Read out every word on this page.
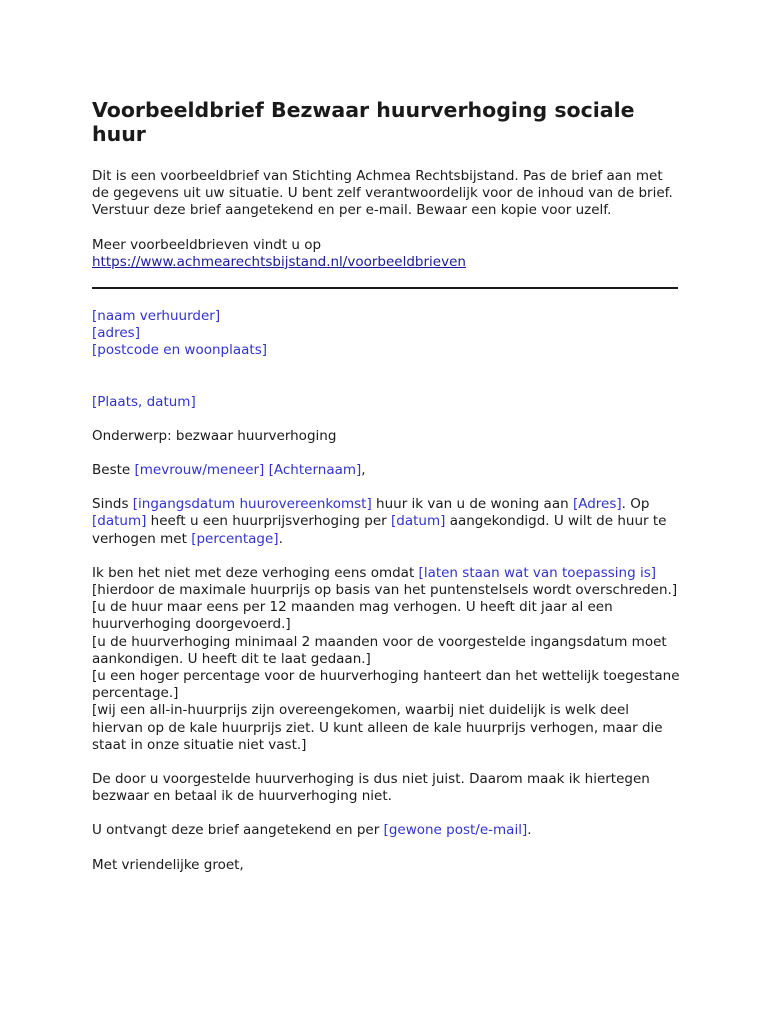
Voorbeeldbrief Bezwaar huurverhoging sociale huur

Dit is een voorbeeldbrief van Stichting Achmea Rechtsbijstand. Pas de brief aan met de gegevens uit uw situatie. U bent zelf verantwoordelijk voor de inhoud van de brief.
Verstuur deze brief aangetekend en per e-mail. Bewaar een kopie voor uzelf.

Meer voorbeeldbrieven vindt u op
https://www.achmearechtsbijstand.nl/voorbeeldbrieven

[naam verhuurder]
[adres]
[postcode en woonplaats]

[Plaats, datum]

Onderwerp: bezwaar huurverhoging

Beste [mevrouw/meneer] [Achternaam],

Sinds [ingangsdatum huurovereenkomst] huur ik van u de woning aan [Adres]. Op [datum] heeft u een huurprijsverhoging per [datum] aangekondigd. U wilt de huur te verhogen met [percentage].

Ik ben het niet met deze verhoging eens omdat [laten staan wat van toepassing is]
[hierdoor de maximale huurprijs op basis van het puntenstelsels wordt overschreden.]
[u de huur maar eens per 12 maanden mag verhogen. U heeft dit jaar al een huurverhoging doorgevoerd.]
[u de huurverhoging minimaal 2 maanden voor de voorgestelde ingangsdatum moet aankondigen. U heeft dit te laat gedaan.]
[u een hoger percentage voor de huurverhoging hanteert dan het wettelijk toegestane percentage.]
[wij een all-in-huurprijs zijn overeengekomen, waarbij niet duidelijk is welk deel hiervan op de kale huurprijs ziet. U kunt alleen de kale huurprijs verhogen, maar die staat in onze situatie niet vast.]

De door u voorgestelde huurverhoging is dus niet juist. Daarom maak ik hiertegen bezwaar en betaal ik de huurverhoging niet.

U ontvangt deze brief aangetekend en per [gewone post/e-mail].

Met vriendelijke groet,
